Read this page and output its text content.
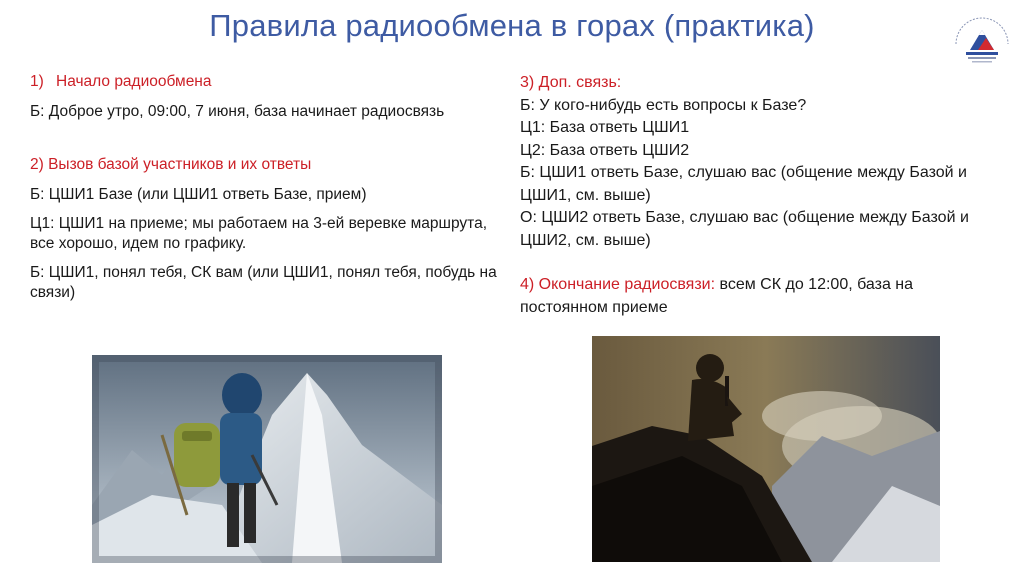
Правила радиообмена в горах (практика)

1) Начало радиообмена

Б: Доброе утро, 09:00, 7 июня, база начинает радиосвязь

2) Вызов базой участников и их ответы

Б: ЦШИ1 Базе (или ЦШИ1 ответь Базе, прием)

Ц1: ЦШИ1 на приеме; мы работаем на 3-ей веревке маршрута, все хорошо, идем по графику.

Б: ЦШИ1, понял тебя, СК вам (или ЦШИ1, понял тебя, побудь на связи)

3) Доп. связь:

Б: У кого-нибудь есть вопросы к Базе?

Ц1: База ответь ЦШИ1

Ц2: База ответь ЦШИ2

Б: ЦШИ1 ответь Базе, слушаю вас (общение между Базой и ЦШИ1, см. выше)

О: ЦШИ2 ответь Базе, слушаю вас (общение между Базой и ЦШИ2, см. выше)

4) Окончание радиосвязи: всем СК до 12:00, база на постоянном приеме
